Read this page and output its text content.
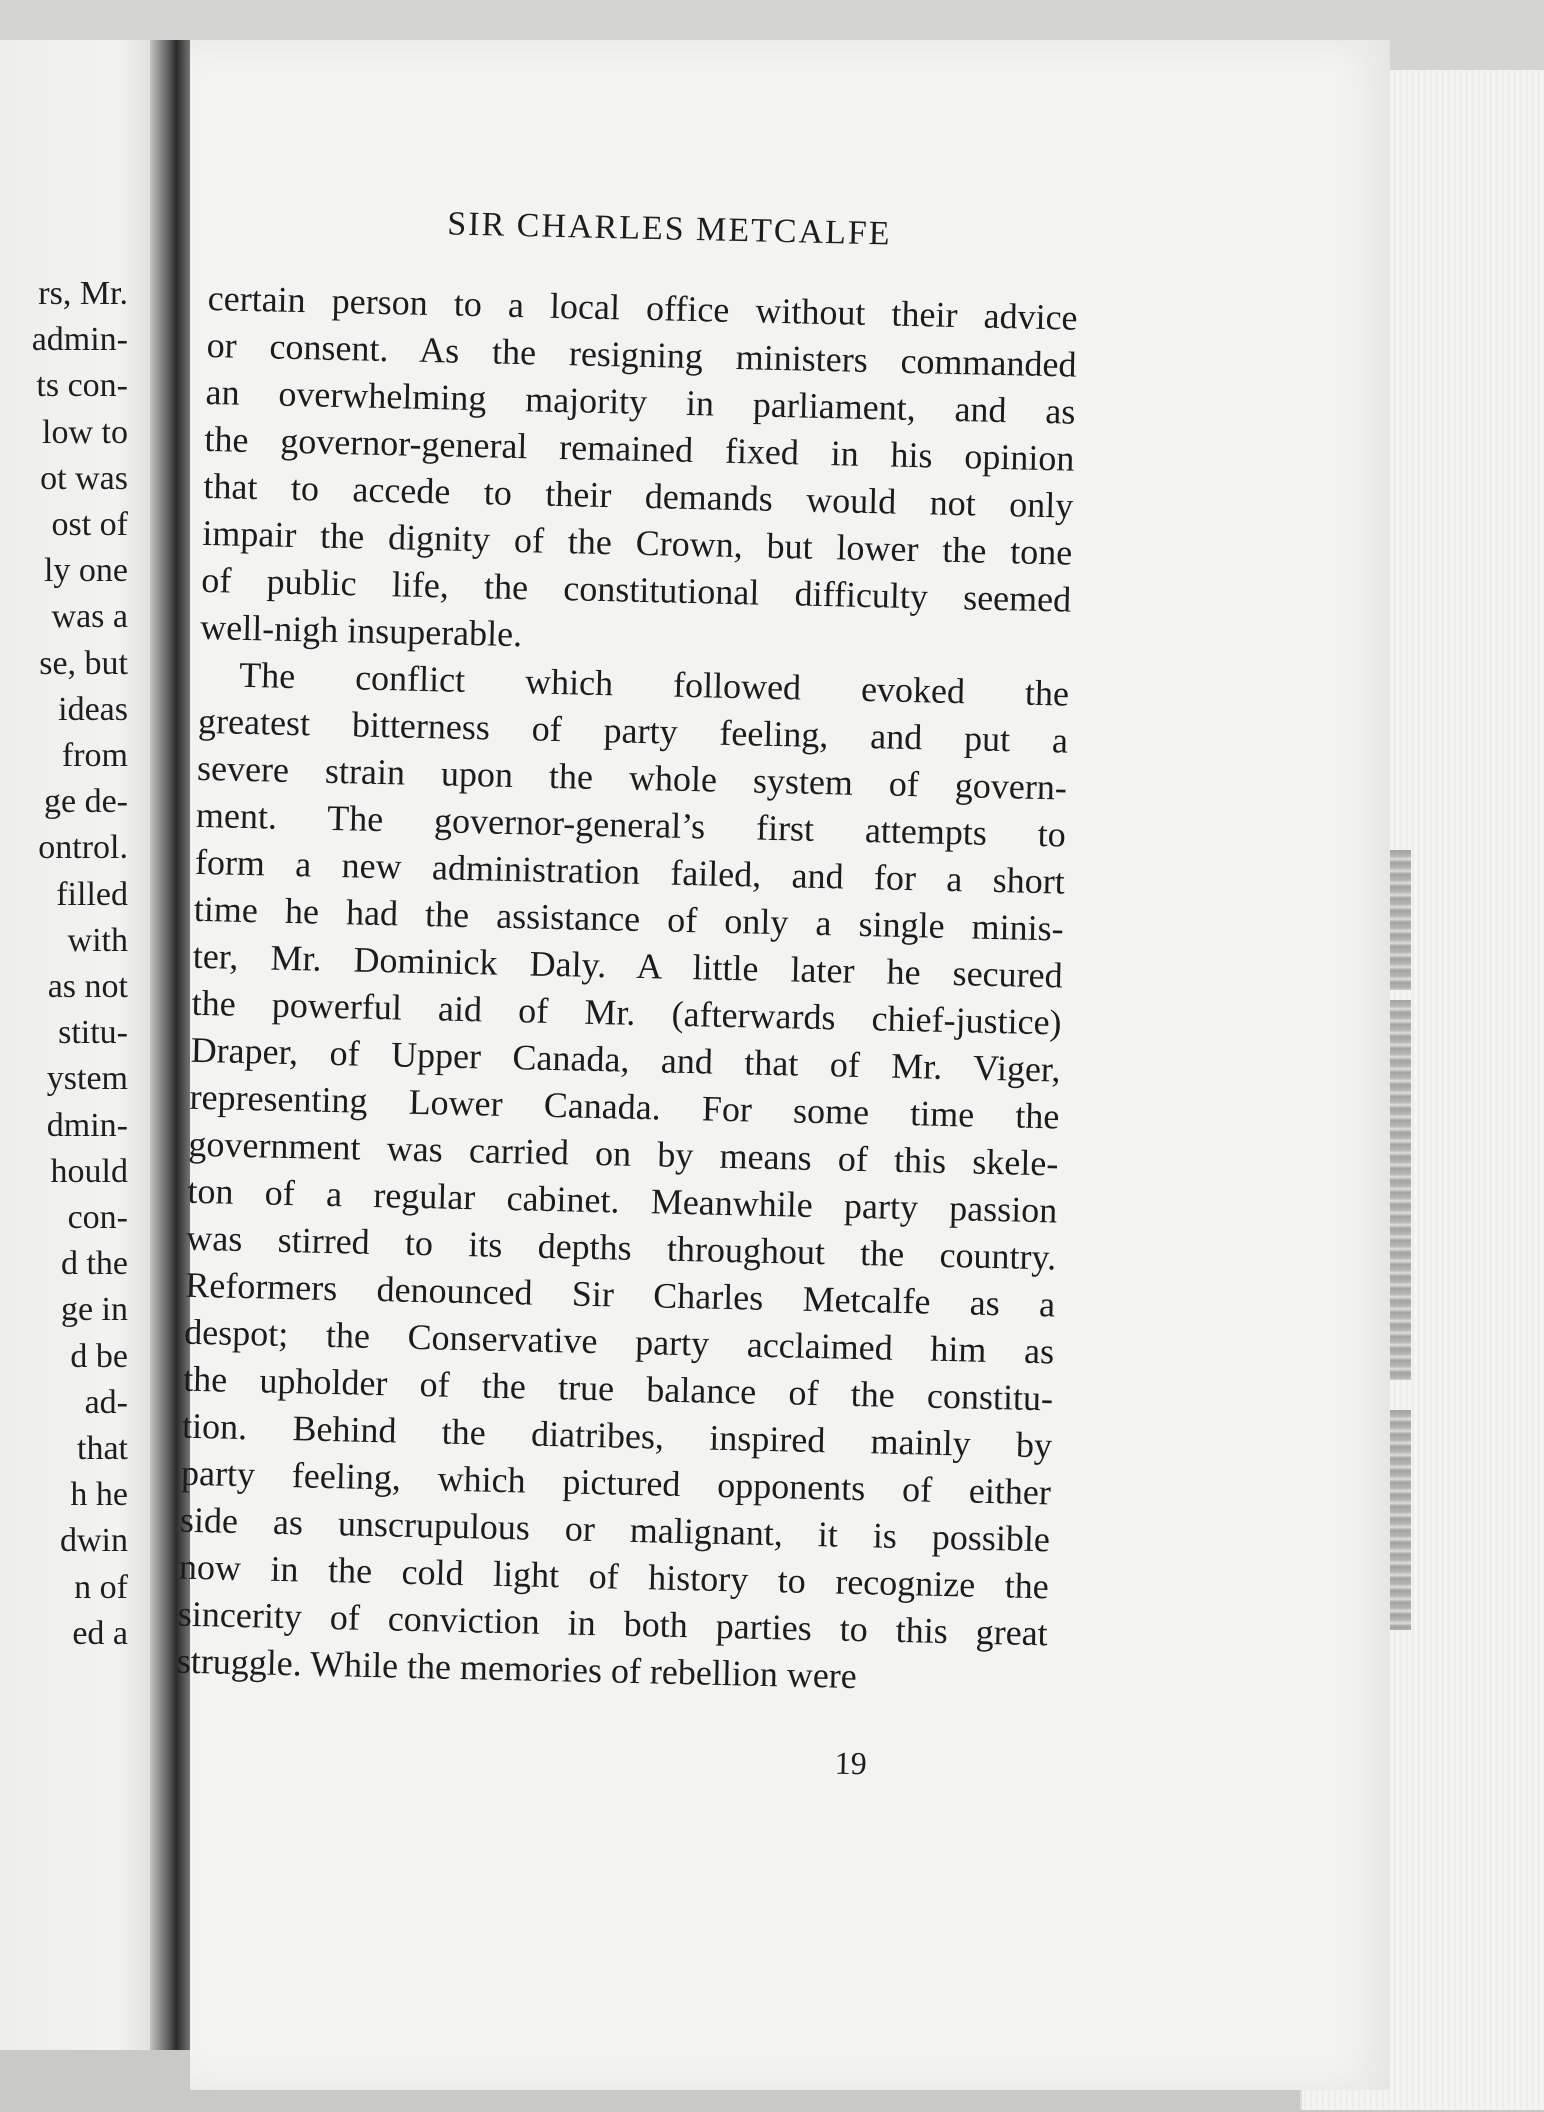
rs, Mr.
admin-
ts con-
low to
ot was
ost of
ly one
was a
se, but
ideas
from
ge de-
ontrol.
filled
with
as not
stitu-
ystem
dmin-
hould
con-
d the
ge in
d be
ad-
that
h he
dwin
n of
ed a
SIR CHARLES METCALFE
certain person to a local office without their advice
or consent. As the resigning ministers commanded
an overwhelming majority in parliament, and as
the governor-general remained fixed in his opinion
that to accede to their demands would not only
impair the dignity of the Crown, but lower the tone
of public life, the constitutional difficulty seemed
well-nigh insuperable.
The conflict which followed evoked the
greatest bitterness of party feeling, and put a
severe strain upon the whole system of govern-
ment. The governor-general’s first attempts to
form a new administration failed, and for a short
time he had the assistance of only a single minis-
ter, Mr. Dominick Daly. A little later he secured
the powerful aid of Mr. (afterwards chief-justice)
Draper, of Upper Canada, and that of Mr. Viger,
representing Lower Canada. For some time the
government was carried on by means of this skele-
ton of a regular cabinet. Meanwhile party passion
was stirred to its depths throughout the country.
Reformers denounced Sir Charles Metcalfe as a
despot; the Conservative party acclaimed him as
the upholder of the true balance of the constitu-
tion. Behind the diatribes, inspired mainly by
party feeling, which pictured opponents of either
side as unscrupulous or malignant, it is possible
now in the cold light of history to recognize the
sincerity of conviction in both parties to this great
struggle. While the memories of rebellion were
19
